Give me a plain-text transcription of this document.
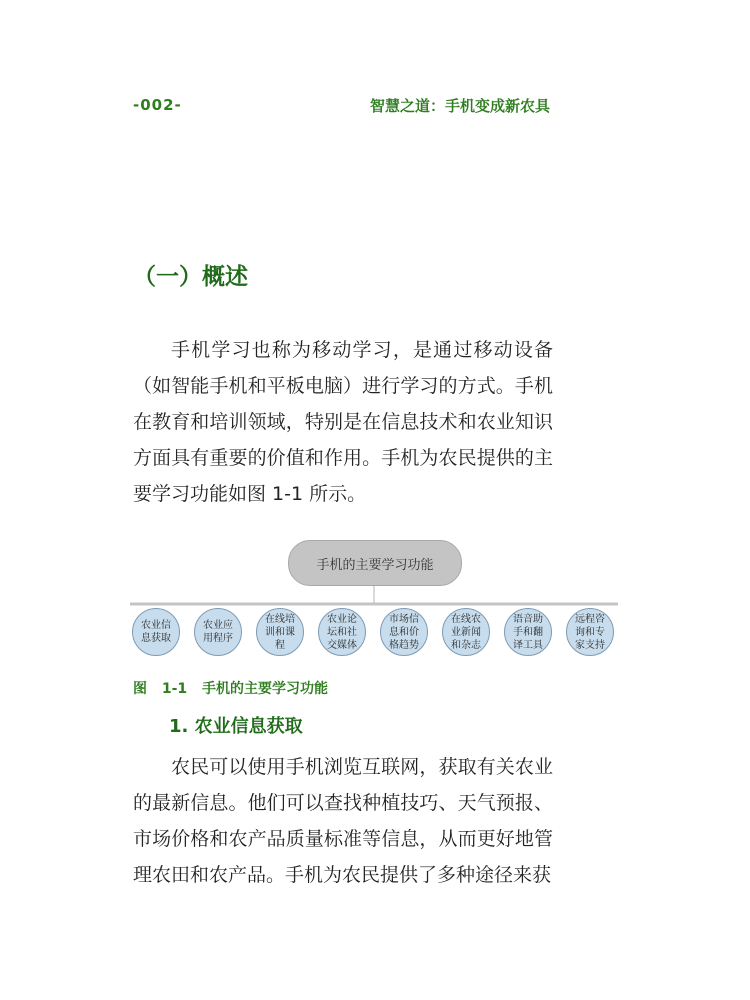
-002-	智慧之道：手机变成新农具
（一）概述
手机学习也称为移动学习，是通过移动设备（如智能手机和平板电脑）进行学习的方式。手机在教育和培训领域，特别是在信息技术和农业知识方面具有重要的价值和作用。手机为农民提供的主要学习功能如图 1-1 所示。
手机的主要学习功能
农业信息获取
农业应用程序
在线培训和课程
农业论坛和社交媒体
市场信息和价格趋势
在线农业新闻和杂志
语音助手和翻译工具
远程咨询和专家支持
图 1-1 手机的主要学习功能
1. 农业信息获取
农民可以使用手机浏览互联网，获取有关农业的最新信息。他们可以查找种植技巧、天气预报、市场价格和农产品质量标准等信息，从而更好地管理农田和农产品。手机为农民提供了多种途径来获
